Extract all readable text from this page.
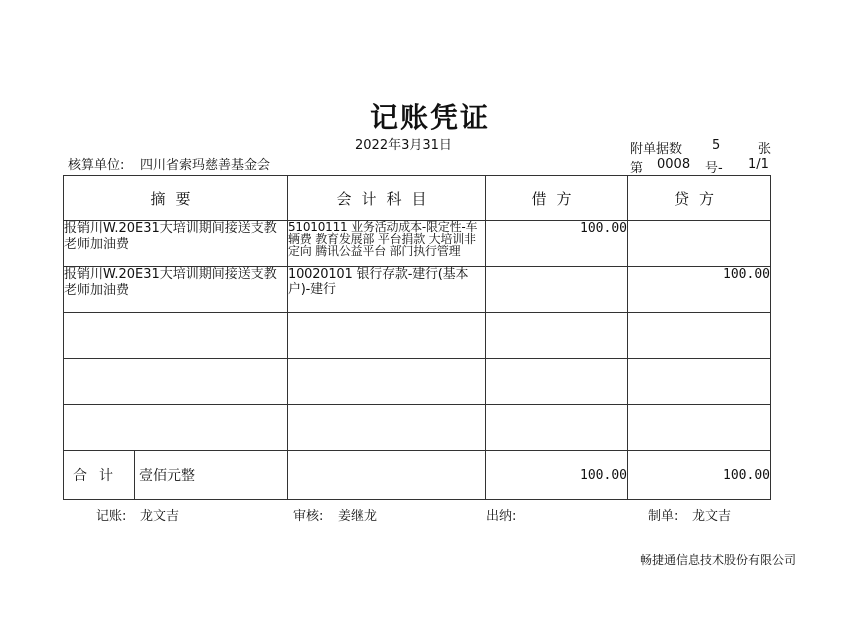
记账凭证
2022年3月31日
核算单位: 四川省索玛慈善基金会
附单据数 5	张
第 0008 号- 1/1
摘要	会计科目	借方	贷方
报销川W.20E31大培训期间接送支教老师加油费	51010111 业务活动成本-限定性-车辆费 教育发展部 平台捐款 大培训非定向 腾讯公益平台 部门执行管理	100.00	
报销川W.20E31大培训期间接送支教老师加油费	10020101 银行存款-建行(基本户)-建行		100.00

合计 壹佰元整		100.00	100.00
记账: 龙文吉	审核: 姜继龙	出纳:	制单: 龙文吉
畅捷通信息技术股份有限公司
